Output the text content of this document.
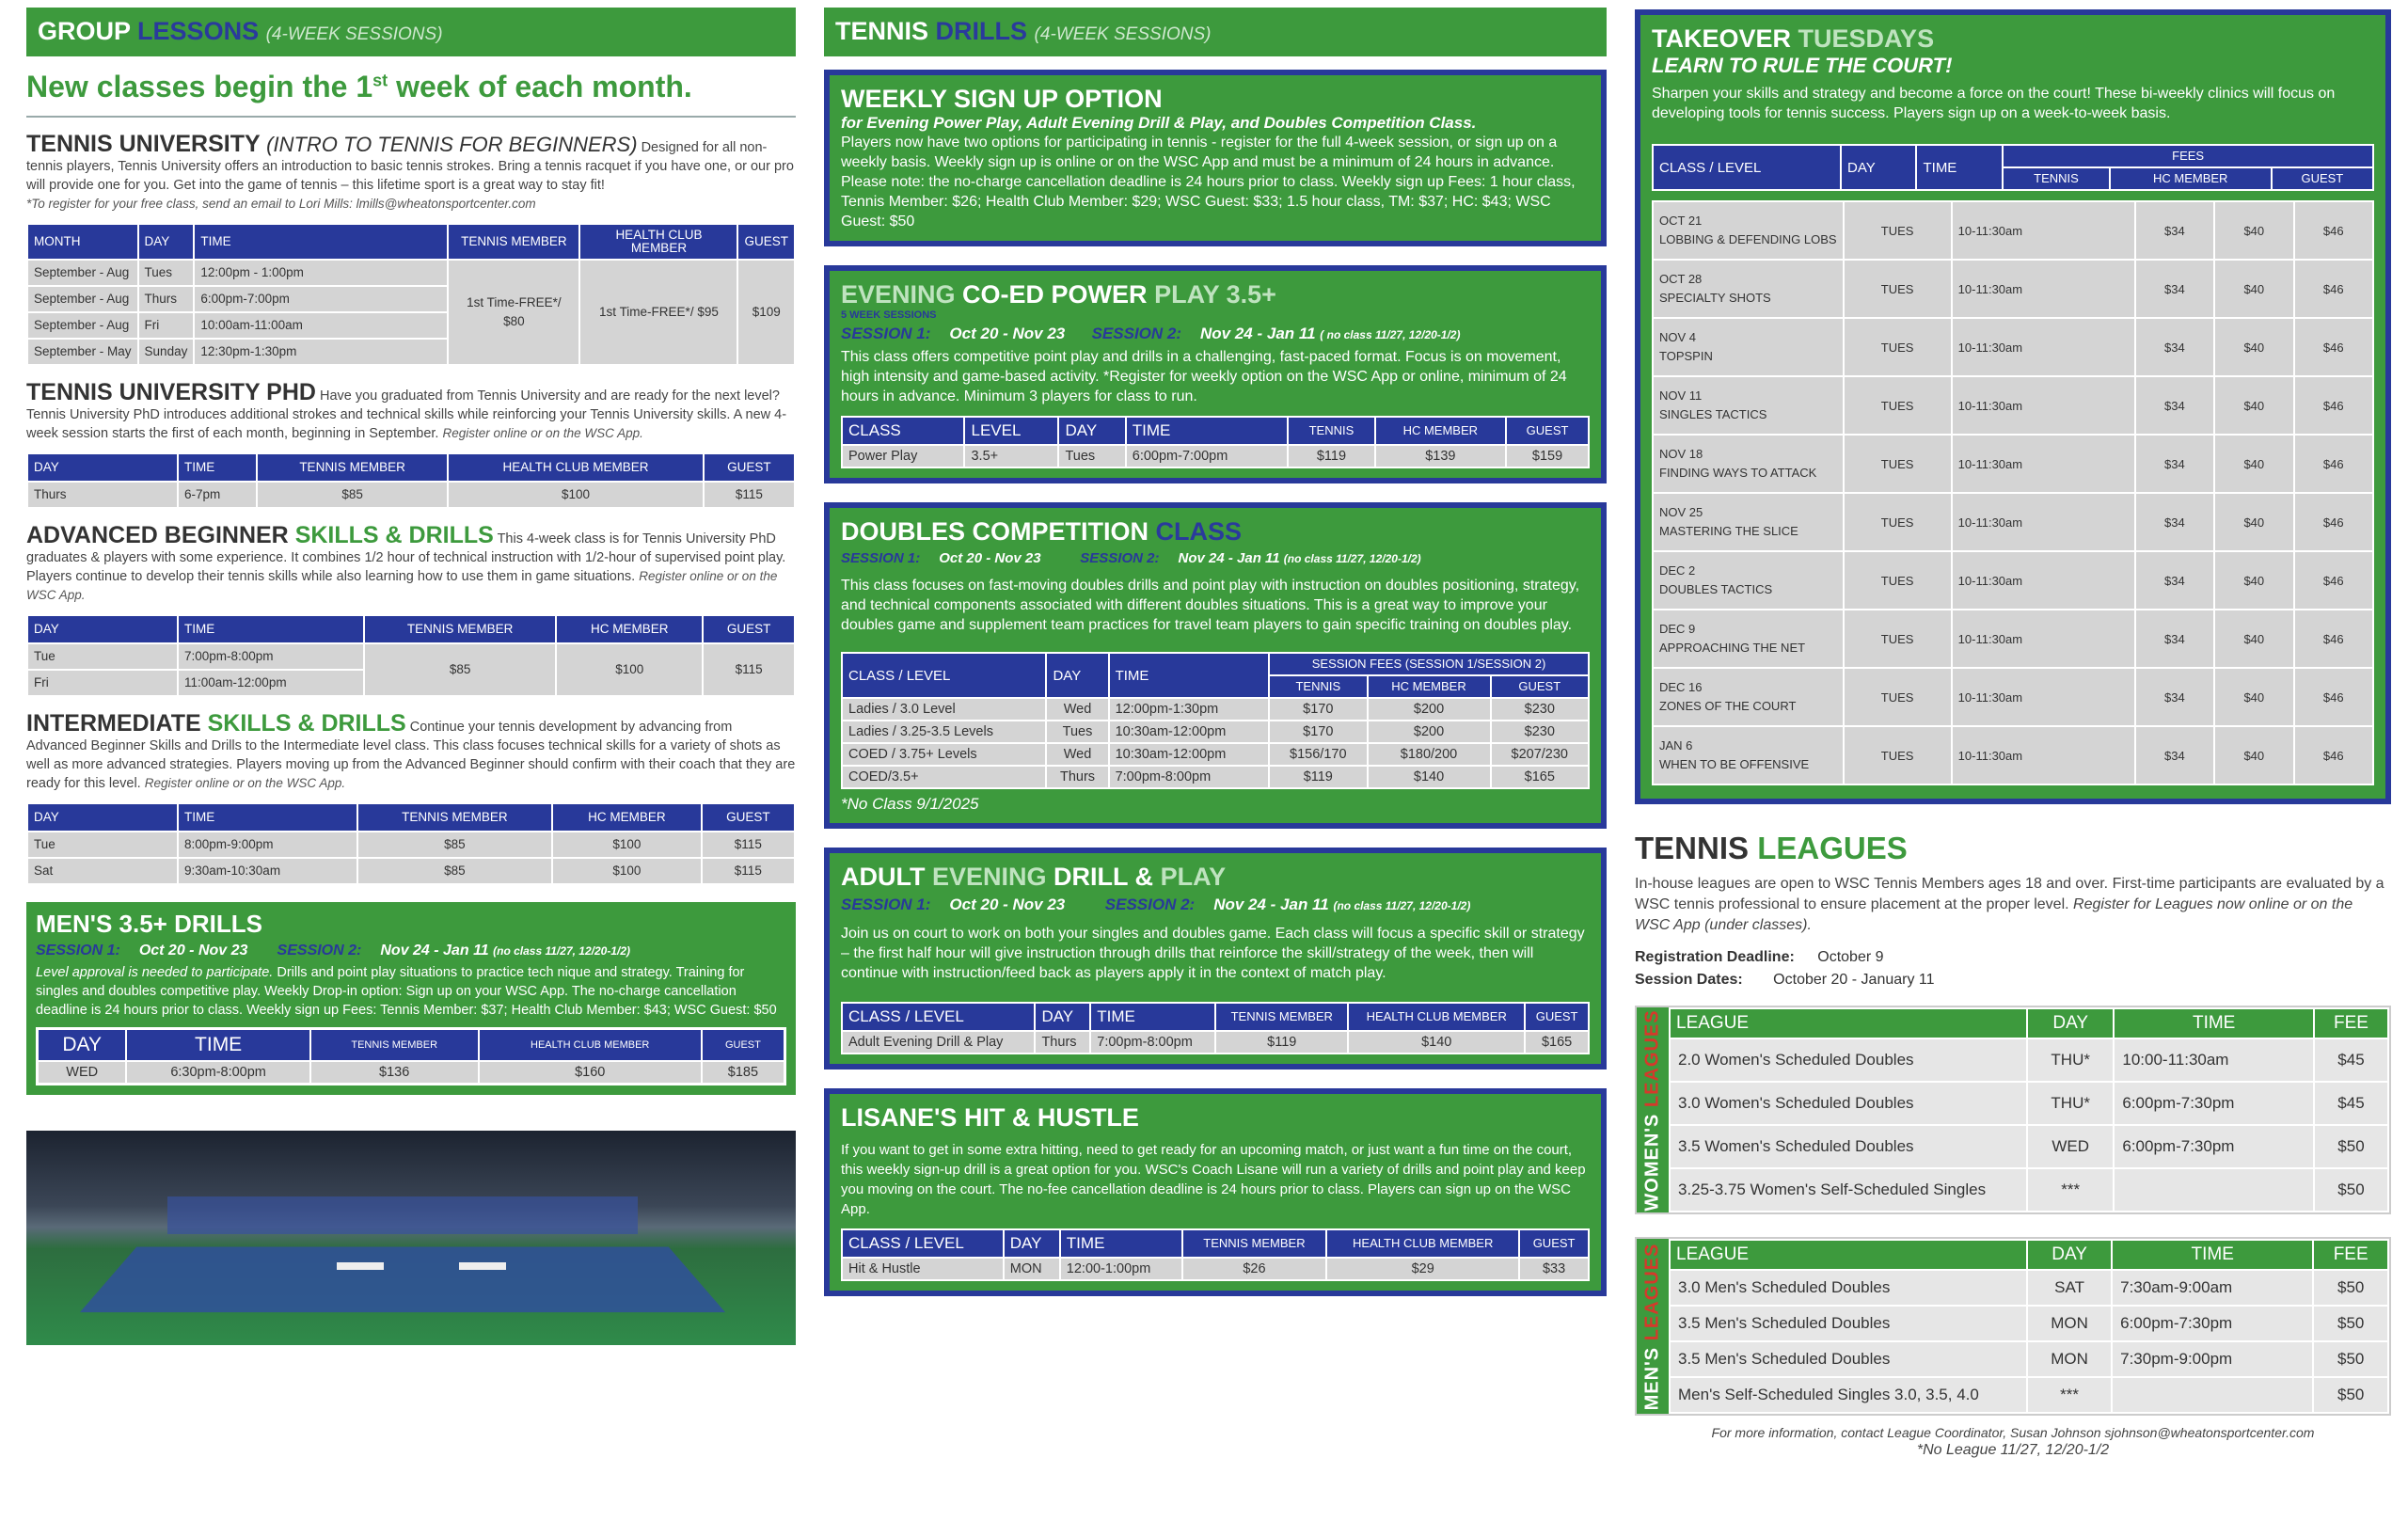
GROUP LESSONS (4-WEEK SESSIONS)
New classes begin the 1st week of each month.
TENNIS UNIVERSITY (INTRO TO TENNIS FOR BEGINNERS) Designed for all non-tennis players, Tennis University offers an introduction to basic tennis strokes. Bring a tennis racquet if you have one, or our pro will provide one for you. Get into the game of tennis – this lifetime sport is a great way to stay fit!
*To register for your free class, send an email to Lori Mills: lmills@wheatonsportcenter.com
MONTH	DAY	TIME	TENNIS MEMBER	HEALTH CLUB MEMBER	GUEST
September - Aug	Tues	12:00pm - 1:00pm	1st Time-FREE*/ $80	1st Time-FREE*/ $95	$109
September - Aug	Thurs	6:00pm-7:00pm			
September - Aug	Fri	10:00am-11:00am			
September - May	Sunday	12:30pm-1:30pm			
TENNIS UNIVERSITY PHD Have you graduated from Tennis University and are ready for the next level? Tennis University PhD introduces additional strokes and technical skills while reinforcing your Tennis University skills. A new 4-week session starts the first of each month, beginning in September. Register online or on the WSC App.
DAY	TIME	TENNIS MEMBER	HEALTH CLUB MEMBER	GUEST
Thurs	6-7pm	$85	$100	$115
ADVANCED BEGINNER SKILLS & DRILLS This 4-week class is for Tennis University PhD graduates & players with some experience. It combines 1/2 hour of technical instruction with 1/2-hour of supervised point play. Players continue to develop their tennis skills while also learning how to use them in game situations. Register online or on the WSC App.
DAY	TIME	TENNIS MEMBER	HC MEMBER	GUEST
Tue	7:00pm-8:00pm	$85	$100	$115
Fri	11:00am-12:00pm			
INTERMEDIATE SKILLS & DRILLS Continue your tennis development by advancing from Advanced Beginner Skills and Drills to the Intermediate level class. This class focuses technical skills for a variety of shots as well as more advanced strategies. Players moving up from the Advanced Beginner should confirm with their coach that they are ready for this level. Register online or on the WSC App.
DAY	TIME	TENNIS MEMBER	HC MEMBER	GUEST
Tue	8:00pm-9:00pm	$85	$100	$115
Sat	9:30am-10:30am	$85	$100	$115
MEN'S 3.5+ DRILLS
SESSION 1: Oct 20 - Nov 23 SESSION 2: Nov 24 - Jan 11 (no class 11/27, 12/20-1/2)
Level approval is needed to participate. Drills and point play situations to practice tech nique and strategy. Training for singles and doubles competitive play. Weekly Drop-in option: Sign up on your WSC App. The no-charge cancellation deadline is 24 hours prior to class. Weekly sign up Fees: Tennis Member: $37; Health Club Member: $43; WSC Guest: $50
DAY	TIME	TENNIS MEMBER	HEALTH CLUB MEMBER	GUEST
WED	6:30pm-8:00pm	$136	$160	$185
TENNIS DRILLS (4-WEEK SESSIONS)
WEEKLY SIGN UP OPTION
for Evening Power Play, Adult Evening Drill & Play, and Doubles Competition Class.
Players now have two options for participating in tennis - register for the full 4-week session, or sign up on a weekly basis. Weekly sign up is online or on the WSC App and must be a minimum of 24 hours in advance. Please note: the no-charge cancellation deadline is 24 hours prior to class. Weekly sign up Fees: 1 hour class, Tennis Member: $26; Health Club Member: $29; WSC Guest: $33; 1.5 hour class, TM: $37; HC: $43; WSC Guest: $50
EVENING CO-ED POWER PLAY 3.5+
5 WEEK SESSIONS
SESSION 1: Oct 20 - Nov 23 SESSION 2: Nov 24 - Jan 11 ( no class 11/27, 12/20-1/2)
This class offers competitive point play and drills in a challenging, fast-paced format. Focus is on movement, high intensity and game-based activity. *Register for weekly option on the WSC App or online, minimum of 24 hours in advance. Minimum 3 players for class to run.
CLASS	LEVEL	DAY	TIME	TENNIS	HC MEMBER	GUEST
Power Play	3.5+	Tues	6:00pm-7:00pm	$119	$139	$159
DOUBLES COMPETITION CLASS
SESSION 1: Oct 20 - Nov 23	SESSION 2: Nov 24 - Jan 11 (no class 11/27, 12/20-1/2)
This class focuses on fast-moving doubles drills and point play with instruction on doubles positioning, strategy, and technical components associated with different doubles situations. This is a great way to improve your doubles game and supplement team practices for travel team players to gain specific training on doubles play.
CLASS / LEVEL	DAY	TIME	SESSION FEES (SESSION 1/SESSION 2)		
			TENNIS	HC MEMBER	GUEST
Ladies / 3.0 Level	Wed	12:00pm-1:30pm	$170	$200	$230
Ladies / 3.25-3.5 Levels	Tues	10:30am-12:00pm	$170	$200	$230
COED / 3.75+ Levels	Wed	10:30am-12:00pm	$156/170	$180/200	$207/230
COED/3.5+	Thurs	7:00pm-8:00pm	$119	$140	$165
*No Class 9/1/2025
ADULT EVENING DRILL & PLAY
SESSION 1: Oct 20 - Nov 23	SESSION 2: Nov 24 - Jan 11 (no class 11/27, 12/20-1/2)
Join us on court to work on both your singles and doubles game. Each class will focus a specific skill or strategy – the first half hour will give instruction through drills that reinforce the skill/strategy of the week, then will continue with instruction/feed back as players apply it in the context of match play.
CLASS / LEVEL	DAY	TIME	TENNIS MEMBER	HEALTH CLUB MEMBER	GUEST
Adult Evening Drill & Play	Thurs	7:00pm-8:00pm	$119	$140	$165
LISANE'S HIT & HUSTLE
If you want to get in some extra hitting, need to get ready for an upcoming match, or just want a fun time on the court, this weekly sign-up drill is a great option for you. WSC's Coach Lisane will run a variety of drills and point play and keep you moving on the court. The no-fee cancellation deadline is 24 hours prior to class. Players can sign up on the WSC App.
CLASS / LEVEL	DAY	TIME	TENNIS MEMBER	HEALTH CLUB MEMBER	GUEST
Hit & Hustle	MON	12:00-1:00pm	$26	$29	$33
TAKEOVER TUESDAYS
LEARN TO RULE THE COURT!
Sharpen your skills and strategy and become a force on the court! These bi-weekly clinics will focus on developing tools for tennis success. Players sign up on a week-to-week basis.
CLASS / LEVEL	DAY	TIME	FEES		
			TENNIS	HC MEMBER	GUEST
OCT 21
LOBBING & DEFENDING LOBS	TUES	10-11:30am	$34	$40	$46

OCT 28
SPECIALTY SHOTS	TUES	10-11:30am	$34	$40	$46

NOV 4
TOPSPIN	TUES	10-11:30am	$34	$40	$46

NOV 11
SINGLES TACTICS	TUES	10-11:30am	$34	$40	$46

NOV 18
FINDING WAYS TO ATTACK	TUES	10-11:30am	$34	$40	$46

NOV 25
MASTERING THE SLICE	TUES	10-11:30am	$34	$40	$46

DEC 2
DOUBLES TACTICS	TUES	10-11:30am	$34	$40	$46

DEC 9
APPROACHING THE NET	TUES	10-11:30am	$34	$40	$46

DEC 16
ZONES OF THE COURT	TUES	10-11:30am	$34	$40	$46

JAN 6
WHEN TO BE OFFENSIVE	TUES	10-11:30am	$34	$40	$46
TENNIS LEAGUES
In-house leagues are open to WSC Tennis Members ages 18 and over. First-time participants are evaluated by a WSC tennis professional to ensure placement at the proper level. Register for Leagues now online or on the WSC App (under classes).
Registration Deadline: October 9
Session Dates: October 20 - January 11
WOMEN'S LEAGUES LEAGUE	DAY	TIME	FEE
2.0 Women's Scheduled Doubles	THU*	10:00-11:30am	$45
3.0 Women's Scheduled Doubles	THU*	6:00pm-7:30pm	$45
3.5 Women's Scheduled Doubles	WED	6:00pm-7:30pm	$50
3.25-3.75 Women's Self-Scheduled Singles	***		$50
MEN'S LEAGUES LEAGUE	DAY	TIME	FEE
3.0 Men's Scheduled Doubles	SAT	7:30am-9:00am	$50
3.5 Men's Scheduled Doubles	MON	6:00pm-7:30pm	$50
3.5 Men's Scheduled Doubles	MON	7:30pm-9:00pm	$50
Men's Self-Scheduled Singles 3.0, 3.5, 4.0	***		$50
For more information, contact League Coordinator, Susan Johnson sjohnson@wheatonsportcenter.com
*No League 11/27, 12/20-1/2
